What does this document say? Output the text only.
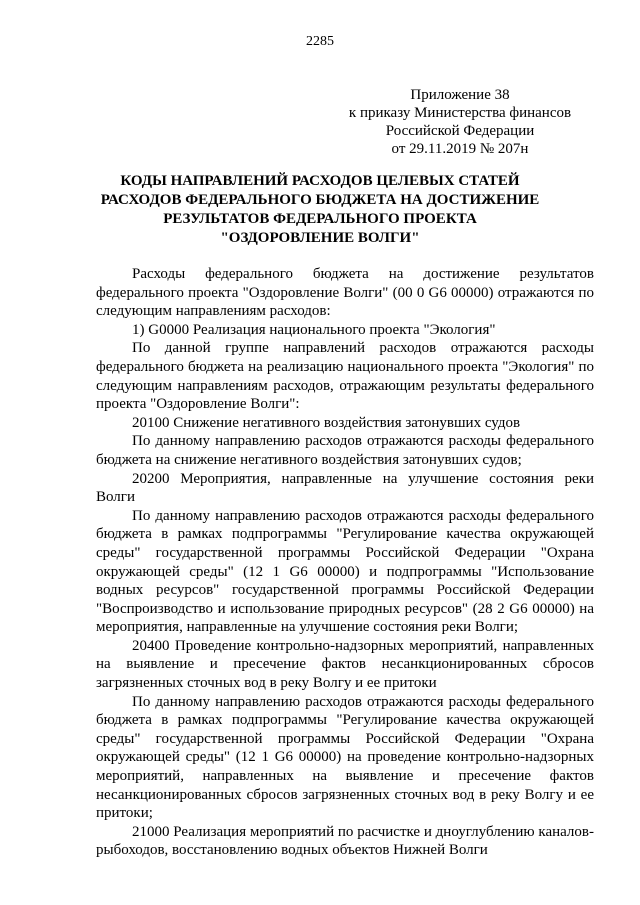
2285
Приложение 38
к приказу Министерства финансов
Российской Федерации
от 29.11.2019 № 207н
КОДЫ НАПРАВЛЕНИЙ РАСХОДОВ ЦЕЛЕВЫХ СТАТЕЙ
РАСХОДОВ ФЕДЕРАЛЬНОГО БЮДЖЕТА НА ДОСТИЖЕНИЕ
РЕЗУЛЬТАТОВ ФЕДЕРАЛЬНОГО ПРОЕКТА
"ОЗДОРОВЛЕНИЕ ВОЛГИ"

Расходы федерального бюджета на достижение результатов федерального проекта "Оздоровление Волги" (00 0 G6 00000) отражаются по следующим направлениям расходов:

1) G0000 Реализация национального проекта "Экология"

По данной группе направлений расходов отражаются расходы федерального бюджета на реализацию национального проекта "Экология" по следующим направлениям расходов, отражающим результаты федерального проекта "Оздоровление Волги":

20100 Снижение негативного воздействия затонувших судов

По данному направлению расходов отражаются расходы федерального бюджета на снижение негативного воздействия затонувших судов;

20200 Мероприятия, направленные на улучшение состояния реки Волги

По данному направлению расходов отражаются расходы федерального бюджета в рамках подпрограммы "Регулирование качества окружающей среды" государственной программы Российской Федерации "Охрана окружающей среды" (12 1 G6 00000) и подпрограммы "Использование водных ресурсов" государственной программы Российской Федерации "Воспроизводство и использование природных ресурсов" (28 2 G6 00000) на мероприятия, направленные на улучшение состояния реки Волги;

20400 Проведение контрольно-надзорных мероприятий, направленных на выявление и пресечение фактов несанкционированных сбросов загрязненных сточных вод в реку Волгу и ее притоки

По данному направлению расходов отражаются расходы федерального бюджета в рамках подпрограммы "Регулирование качества окружающей среды" государственной программы Российской Федерации "Охрана окружающей среды" (12 1 G6 00000) на проведение контрольно-надзорных мероприятий, направленных на выявление и пресечение фактов несанкционированных сбросов загрязненных сточных вод в реку Волгу и ее притоки;

21000 Реализация мероприятий по расчистке и дноуглублению каналов-рыбоходов, восстановлению водных объектов Нижней Волги
